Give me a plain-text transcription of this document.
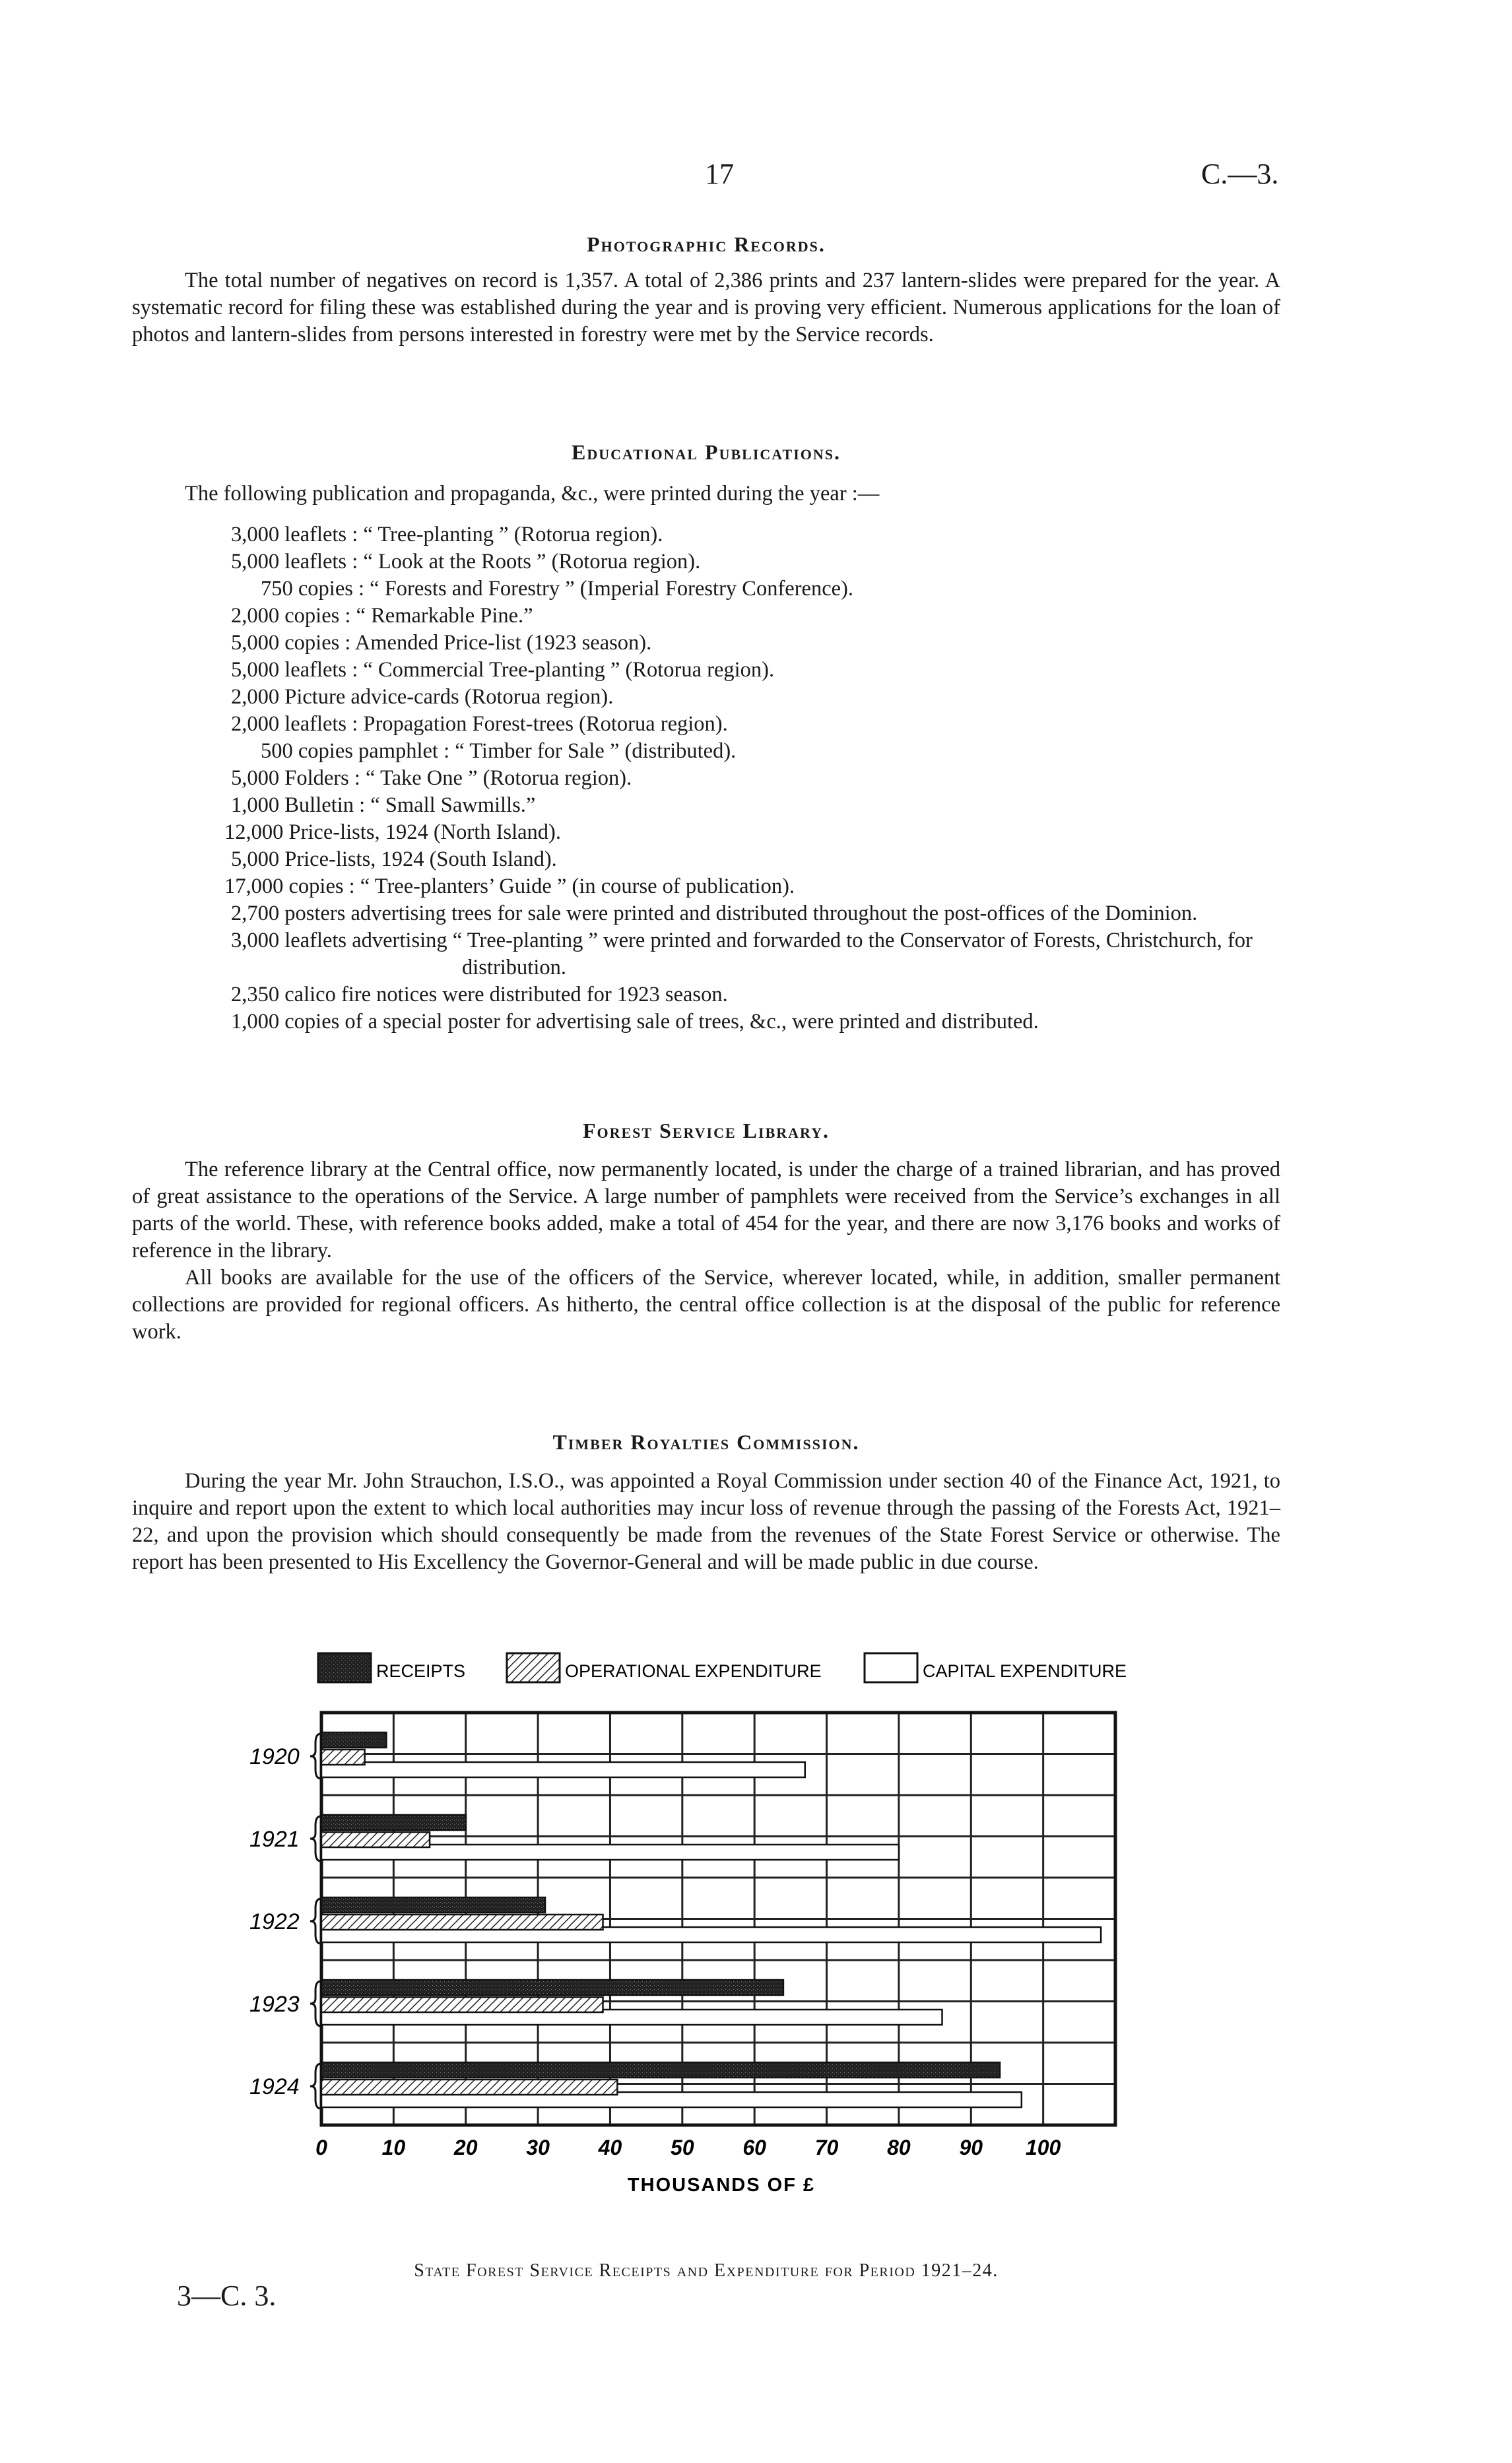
17	C.—3.
Photographic Records.

The total number of negatives on record is 1,357. A total of 2,386 prints and 237 lantern-slides were prepared for the year. A systematic record for filing these was established during the year and is proving very efficient. Numerous applications for the loan of photos and lantern-slides from persons interested in forestry were met by the Service records.

Educational Publications.

The following publication and propaganda, &c., were printed during the year :—

3,000 leaflets : “ Tree-planting ” (Rotorua region).
5,000 leaflets : “ Look at the Roots ” (Rotorua region).
750 copies : “ Forests and Forestry ” (Imperial Forestry Conference).
2,000 copies : “ Remarkable Pine.”
5,000 copies : Amended Price-list (1923 season).
5,000 leaflets : “ Commercial Tree-planting ” (Rotorua region).
2,000 Picture advice-cards (Rotorua region).
2,000 leaflets : Propagation Forest-trees (Rotorua region).
500 copies pamphlet : “ Timber for Sale ” (distributed).
5,000 Folders : “ Take One ” (Rotorua region).
1,000 Bulletin : “ Small Sawmills.”
12,000 Price-lists, 1924 (North Island).
5,000 Price-lists, 1924 (South Island).
17,000 copies : “ Tree-planters’ Guide ” (in course of publication).
2,700 posters advertising trees for sale were printed and distributed throughout the post-offices of the Dominion.
3,000 leaflets advertising “ Tree-planting ” were printed and forwarded to the Conservator of Forests, Christchurch, for distribution.
2,350 calico fire notices were distributed for 1923 season.
1,000 copies of a special poster for advertising sale of trees, &c., were printed and distributed.
Forest Service Library.

The reference library at the Central office, now permanently located, is under the charge of a trained librarian, and has proved of great assistance to the operations of the Service. A large number of pamphlets were received from the Service’s exchanges in all parts of the world. These, with reference books added, make a total of 454 for the year, and there are now 3,176 books and works of reference in the library.

All books are available for the use of the officers of the Service, wherever located, while, in addition, smaller permanent collections are provided for regional officers. As hitherto, the central office collection is at the disposal of the public for reference work.

Timber Royalties Commission.

During the year Mr. John Strauchon, I.S.O., was appointed a Royal Commission under section 40 of the Finance Act, 1921, to inquire and report upon the extent to which local authorities may incur loss of revenue through the passing of the Forests Act, 1921–22, and upon the provision which should consequently be made from the revenues of the State Forest Service or otherwise. The report has been presented to His Excellency the Governor-General and will be made public in due course.

RECEIPTS	OPERATIONAL EXPENDITURE	CAPITAL EXPENDITURE
1920
1921
1922
1923
1924
0	10 20 30 40 50 60 70 80 90 100
THOUSANDS OF £
State Forest Service Receipts and Expenditure for Period 1921–24.
3—C. 3.
